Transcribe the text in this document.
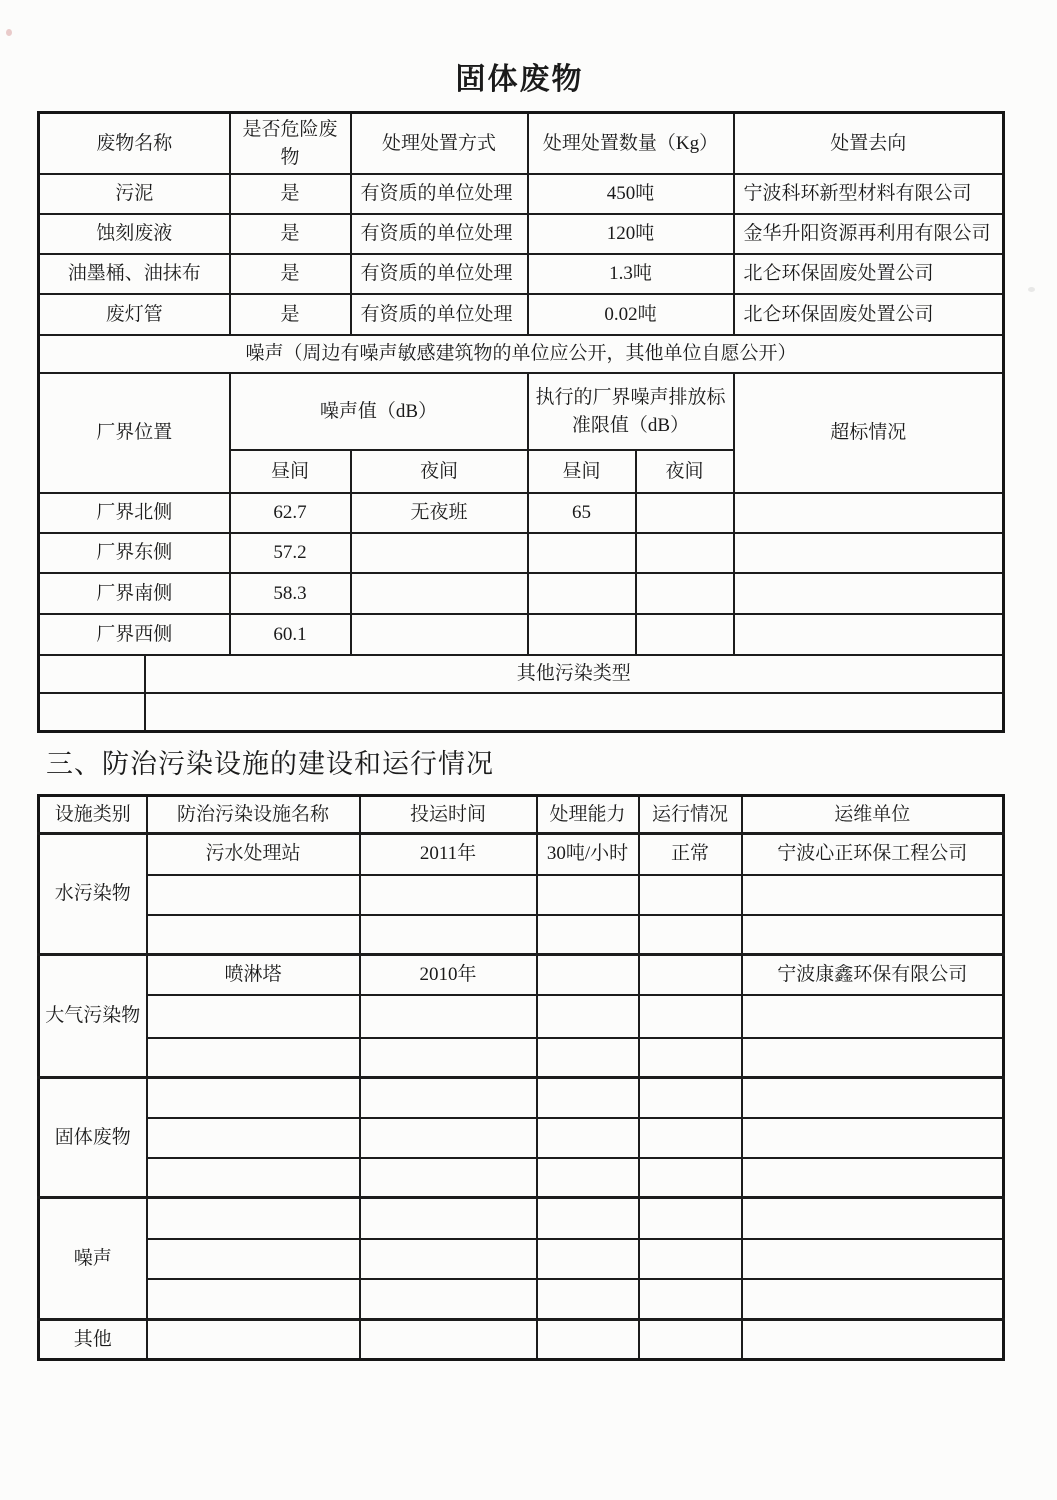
固体废物
废物名称		是否危险废物	处理处置方式	处理处置数量（Kg）		处置去向
污泥		是	有资质的单位处理	450吨		宁波科环新型材料有限公司
蚀刻废液		是	有资质的单位处理	120吨		金华升阳资源再利用有限公司
油墨桶、油抹布		是	有资质的单位处理	1.3吨		北仑环保固废处置公司
废灯管		是	有资质的单位处理	0.02吨		北仑环保固废处置公司
噪声（周边有噪声敏感建筑物的单位应公开，其他单位自愿公开）						
厂界位置		噪声值（dB）		执行的厂界噪声排放标准限值（dB）		超标情况
		昼间	夜间	昼间	夜间	
厂界北侧		62.7	无夜班	65		
厂界东侧		57.2				
厂界南侧		58.3				
厂界西侧		60.1				
	其他污染类型					

三、防治污染设施的建设和运行情况
设施类别	防治污染设施名称	投运时间	处理能力	运行情况	运维单位
水污染物	污水处理站	2011年	30吨/小时	正常	宁波心正环保工程公司

大气污染物	喷淋塔	2010年			宁波康鑫环保有限公司

固体废物					

噪声					

其他					
